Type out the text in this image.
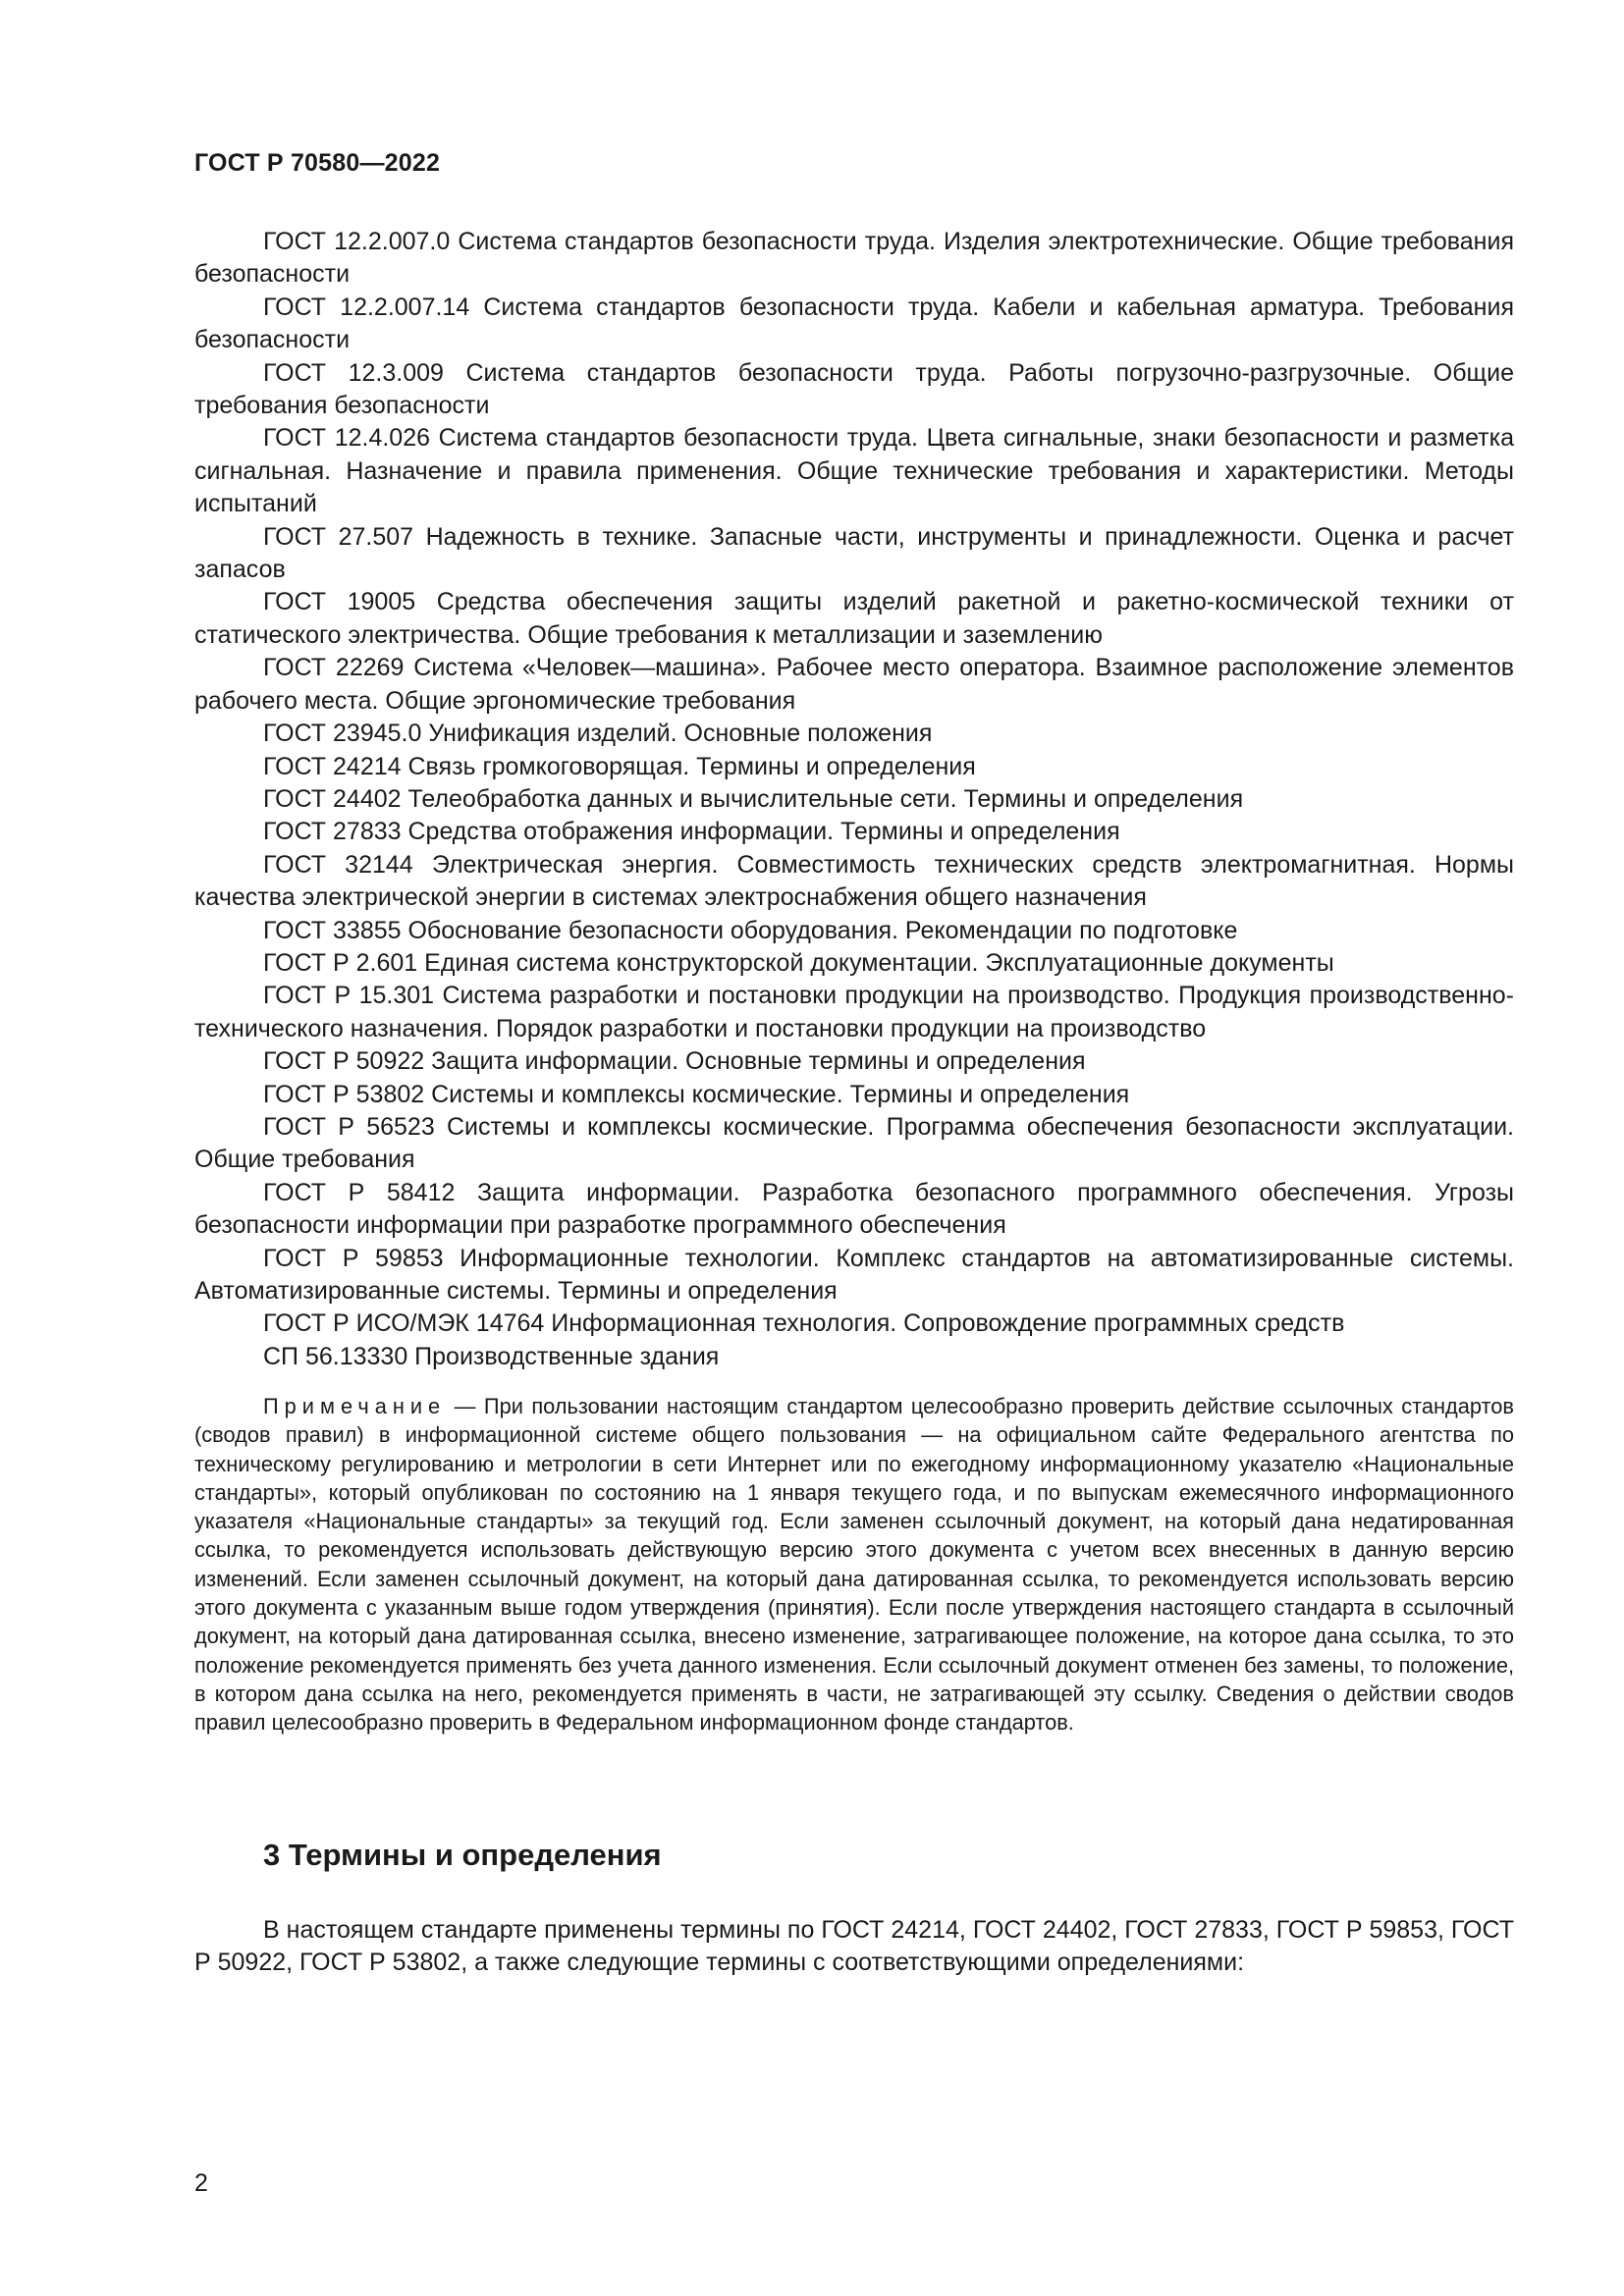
ГОСТ Р 70580—2022

ГОСТ 12.2.007.0 Система стандартов безопасности труда. Изделия электротехнические. Общие требования безопасности

ГОСТ 12.2.007.14 Система стандартов безопасности труда. Кабели и кабельная арматура. Требования безопасности

ГОСТ 12.3.009 Система стандартов безопасности труда. Работы погрузочно-разгрузочные. Общие требования безопасности

ГОСТ 12.4.026 Система стандартов безопасности труда. Цвета сигнальные, знаки безопасности и разметка сигнальная. Назначение и правила применения. Общие технические требования и характеристики. Методы испытаний

ГОСТ 27.507 Надежность в технике. Запасные части, инструменты и принадлежности. Оценка и расчет запасов

ГОСТ 19005 Средства обеспечения защиты изделий ракетной и ракетно-космической техники от статического электричества. Общие требования к металлизации и заземлению

ГОСТ 22269 Система «Человек—машина». Рабочее место оператора. Взаимное расположение элементов рабочего места. Общие эргономические требования

ГОСТ 23945.0 Унификация изделий. Основные положения

ГОСТ 24214 Связь громкоговорящая. Термины и определения

ГОСТ 24402 Телеобработка данных и вычислительные сети. Термины и определения

ГОСТ 27833 Средства отображения информации. Термины и определения

ГОСТ 32144 Электрическая энергия. Совместимость технических средств электромагнитная. Нормы качества электрической энергии в системах электроснабжения общего назначения

ГОСТ 33855 Обоснование безопасности оборудования. Рекомендации по подготовке

ГОСТ Р 2.601 Единая система конструкторской документации. Эксплуатационные документы

ГОСТ Р 15.301 Система разработки и постановки продукции на производство. Продукция производственно-технического назначения. Порядок разработки и постановки продукции на производство

ГОСТ Р 50922 Защита информации. Основные термины и определения

ГОСТ Р 53802 Системы и комплексы космические. Термины и определения

ГОСТ Р 56523 Системы и комплексы космические. Программа обеспечения безопасности эксплуатации. Общие требования

ГОСТ Р 58412 Защита информации. Разработка безопасного программного обеспечения. Угрозы безопасности информации при разработке программного обеспечения

ГОСТ Р 59853 Информационные технологии. Комплекс стандартов на автоматизированные системы. Автоматизированные системы. Термины и определения

ГОСТ Р ИСО/МЭК 14764 Информационная технология. Сопровождение программных средств

СП 56.13330 Производственные здания

Примечание — При пользовании настоящим стандартом целесообразно проверить действие ссылочных стандартов (сводов правил) в информационной системе общего пользования — на официальном сайте Федерального агентства по техническому регулированию и метрологии в сети Интернет или по ежегодному информационному указателю «Национальные стандарты», который опубликован по состоянию на 1 января текущего года, и по выпускам ежемесячного информационного указателя «Национальные стандарты» за текущий год. Если заменен ссылочный документ, на который дана недатированная ссылка, то рекомендуется использовать действующую версию этого документа с учетом всех внесенных в данную версию изменений. Если заменен ссылочный документ, на который дана датированная ссылка, то рекомендуется использовать версию этого документа с указанным выше годом утверждения (принятия). Если после утверждения настоящего стандарта в ссылочный документ, на который дана датированная ссылка, внесено изменение, затрагивающее положение, на которое дана ссылка, то это положение рекомендуется применять без учета данного изменения. Если ссылочный документ отменен без замены, то положение, в котором дана ссылка на него, рекомендуется применять в части, не затрагивающей эту ссылку. Сведения о действии сводов правил целесообразно проверить в Федеральном информационном фонде стандартов.

3 Термины и определения

В настоящем стандарте применены термины по ГОСТ 24214, ГОСТ 24402, ГОСТ 27833, ГОСТ Р 59853, ГОСТ Р 50922, ГОСТ Р 53802, а также следующие термины с соответствующими определениями:

2
